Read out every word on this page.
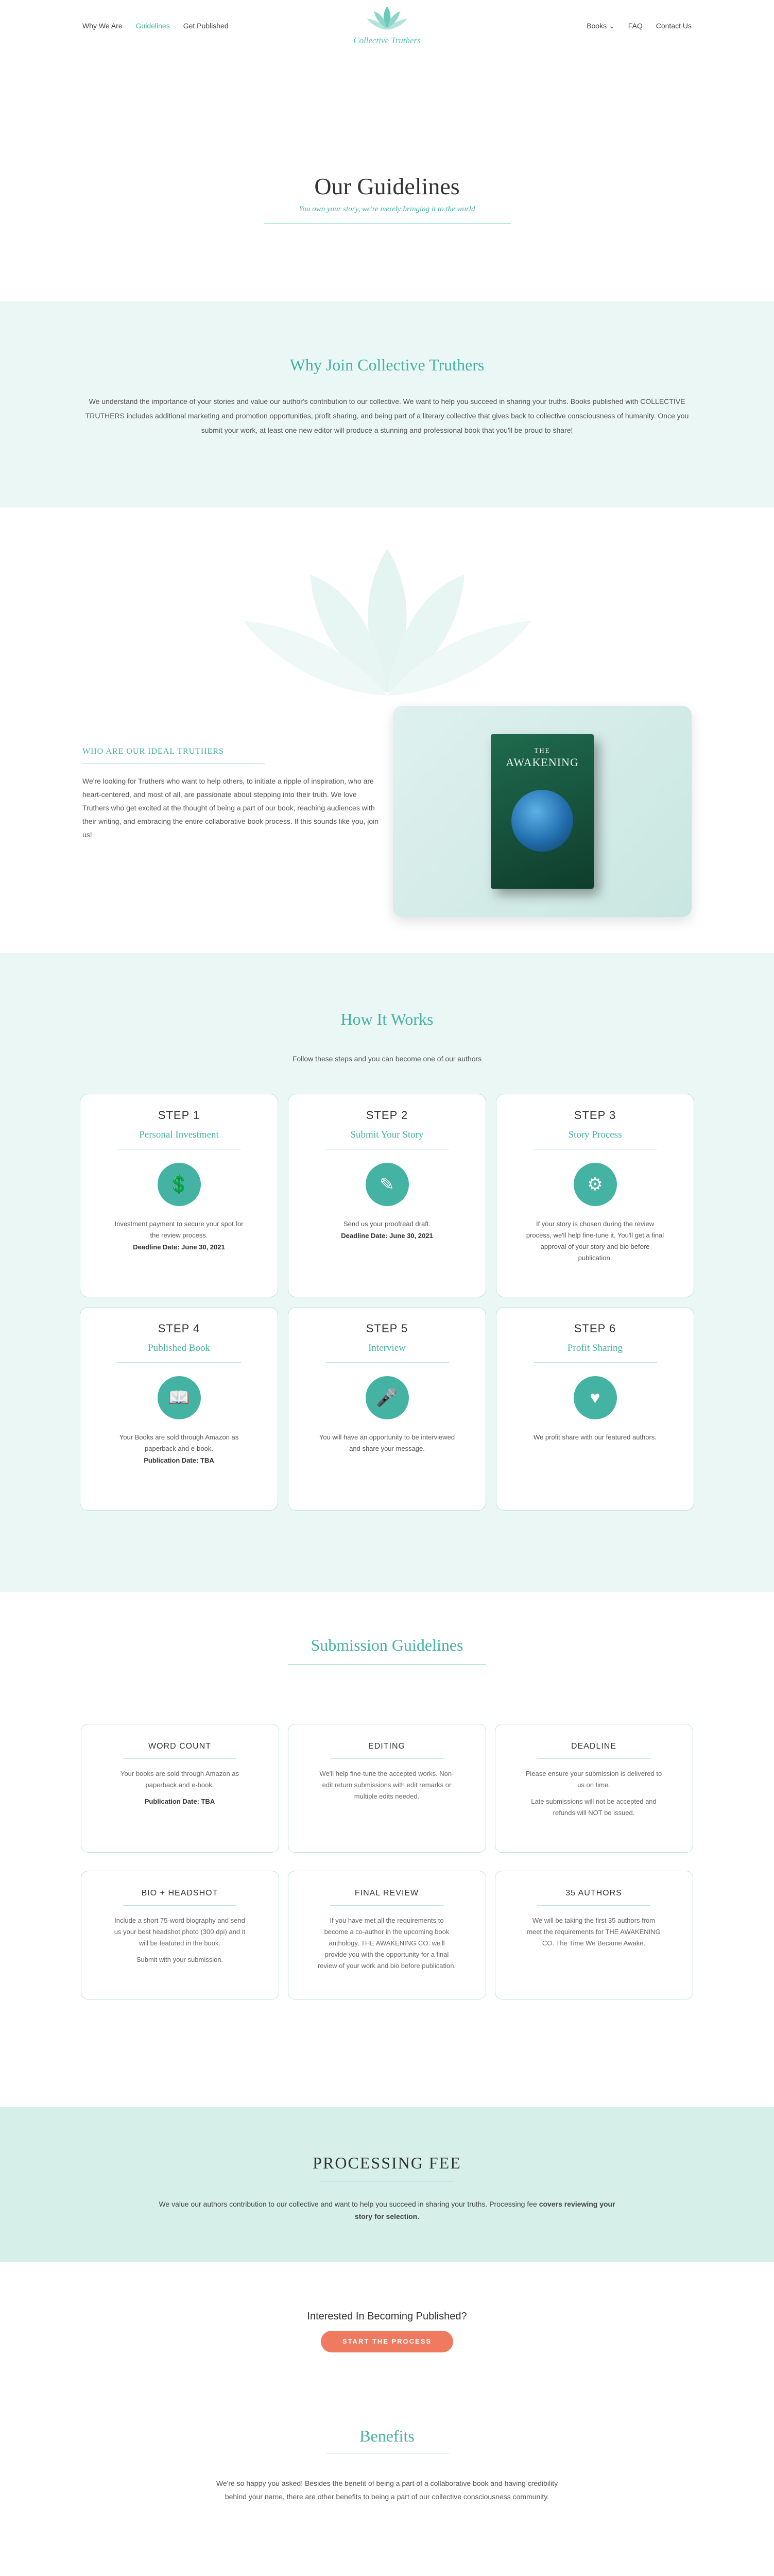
Why We Are Guidelines Get Published
Collective Truthers
Books ⌄ FAQ Contact Us
Our Guidelines
You own your story, we're merely bringing it to the world
Why Join Collective Truthers

We understand the importance of your stories and value our author's contribution to our collective. We want to help you succeed in sharing your truths. Books published with COLLECTIVE TRUTHERS includes additional marketing and promotion opportunities, profit sharing, and being part of a literary collective that gives back to collective consciousness of humanity. Once you submit your work, at least one new editor will produce a stunning and professional book that you'll be proud to share!

WHO ARE OUR IDEAL TRUTHERS

We're looking for Truthers who want to help others, to initiate a ripple of inspiration, who are heart-centered, and most of all, are passionate about stepping into their truth. We love Truthers who get excited at the thought of being a part of our book, reaching audiences with their writing, and embracing the entire collaborative book process. If this sounds like you, join us!

THE
AWAKENING
How It Works
Follow these steps and you can become one of our authors
STEP 1
Personal Investment
💲
Investment payment to secure your spot for the review process.
Deadline Date: June 30, 2021
STEP 2
Submit Your Story
✎
Send us your proofread draft.
Deadline Date: June 30, 2021
STEP 3
Story Process
⚙
If your story is chosen during the review process, we'll help fine-tune it. You'll get a final approval of your story and bio before publication.
STEP 4
Published Book
📖
Your Books are sold through Amazon as paperback and e-book.
Publication Date: TBA
STEP 5
Interview
🎤
You will have an opportunity to be interviewed and share your message.
STEP 6
Profit Sharing
♥
We profit share with our featured authors.
Submission Guidelines
WORD COUNT

Your books are sold through Amazon as paperback and e-book.

Publication Date: TBA

EDITING

We'll help fine-tune the accepted works. Non-edit return submissions with edit remarks or multiple edits needed.

DEADLINE

Please ensure your submission is delivered to us on time.

Late submissions will not be accepted and refunds will NOT be issued.

BIO + HEADSHOT

Include a short 75-word biography and send us your best headshot photo (300 dpi) and it will be featured in the book.

Submit with your submission.

FINAL REVIEW

If you have met all the requirements to become a co-author in the upcoming book anthology, THE AWAKENING CO. we'll provide you with the opportunity for a final review of your work and bio before publication.

35 AUTHORS

We will be taking the first 35 authors from meet the requirements for THE AWAKENING CO. The Time We Became Awake.

PROCESSING FEE

We value our authors contribution to our collective and want to help you succeed in sharing your truths. Processing fee covers reviewing your story for selection.

Interested In Becoming Published?
START THE PROCESS
Benefits

We're so happy you asked! Besides the benefit of being a part of a collaborative book and having credibility behind your name, there are other benefits to being a part of our collective consciousness community.
